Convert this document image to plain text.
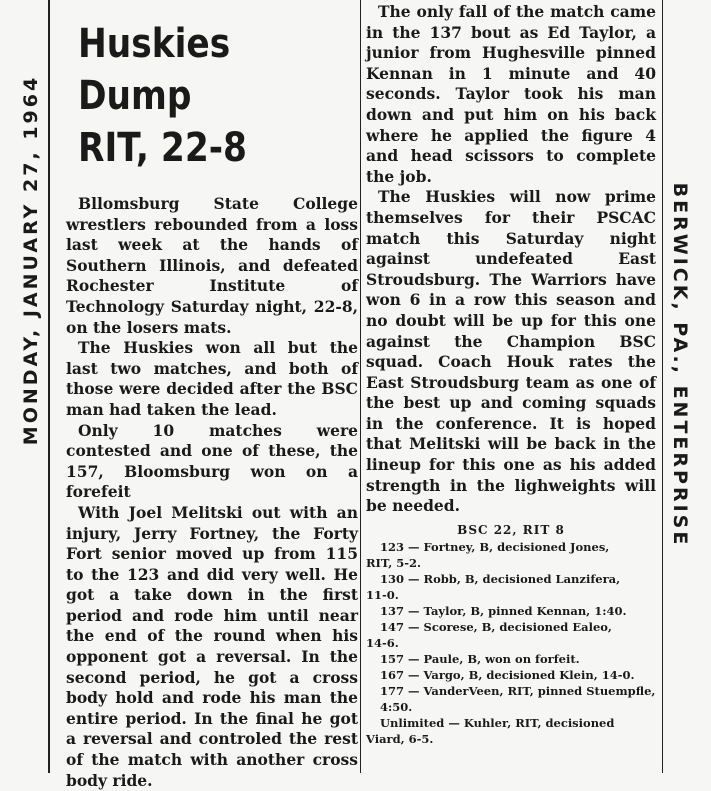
MONDAY, JANUARY 27, 1964	BERWICK, PA., ENTERPRISE
Huskies Dump
RIT, 22-8

Bllomsburg State College wrestlers rebounded from a loss last week at the hands of Southern Illinois, and defeated Rochester Institute of Technology Saturday night, 22-8, on the losers mats.

The Huskies won all but the last two matches, and both of those were decided after the BSC man had taken the lead.

Only 10 matches were contested and one of these, the 157, Bloomsburg won on a forefeit

With Joel Melitski out with an injury, Jerry Fortney, the Forty Fort senior moved up from 115 to the 123 and did very well. He got a take down in the first period and rode him until near the end of the round when his opponent got a reversal. In the second period, he got a cross body hold and rode his man the entire period. In the final he got a reversal and controled the rest of the match with another cross body ride.

The only fall of the match came in the 137 bout as Ed Taylor, a junior from Hughesville pinned Kennan in 1 minute and 40 seconds. Taylor took his man down and put him on his back where he applied the figure 4 and head scissors to complete the job.

The Huskies will now prime themselves for their PSCAC match this Saturday night against undefeated East Stroudsburg. The Warriors have won 6 in a row this season and no doubt will be up for this one against the Champion BSC squad. Coach Houk rates the East Stroudsburg team as one of the best up and coming squads in the conference. It is hoped that Melitski will be back in the lineup for this one as his added strength in the lighweights will be needed.

BSC 22, RIT 8

123 — Fortney, B, decisioned Jones,

RIT, 5-2.

130 — Robb, B, decisioned Lanzifera,

11-0.

137 — Taylor, B, pinned Kennan, 1:40.

147 — Scorese, B, decisioned Ealeo,

14-6.

157 — Paule, B, won on forfeit.

167 — Vargo, B, decisioned Klein, 14-0.

177 — VanderVeen, RIT, pinned Stuempfle, 4:50.

Unlimited — Kuhler, RIT, decisioned

Viard, 6-5.
